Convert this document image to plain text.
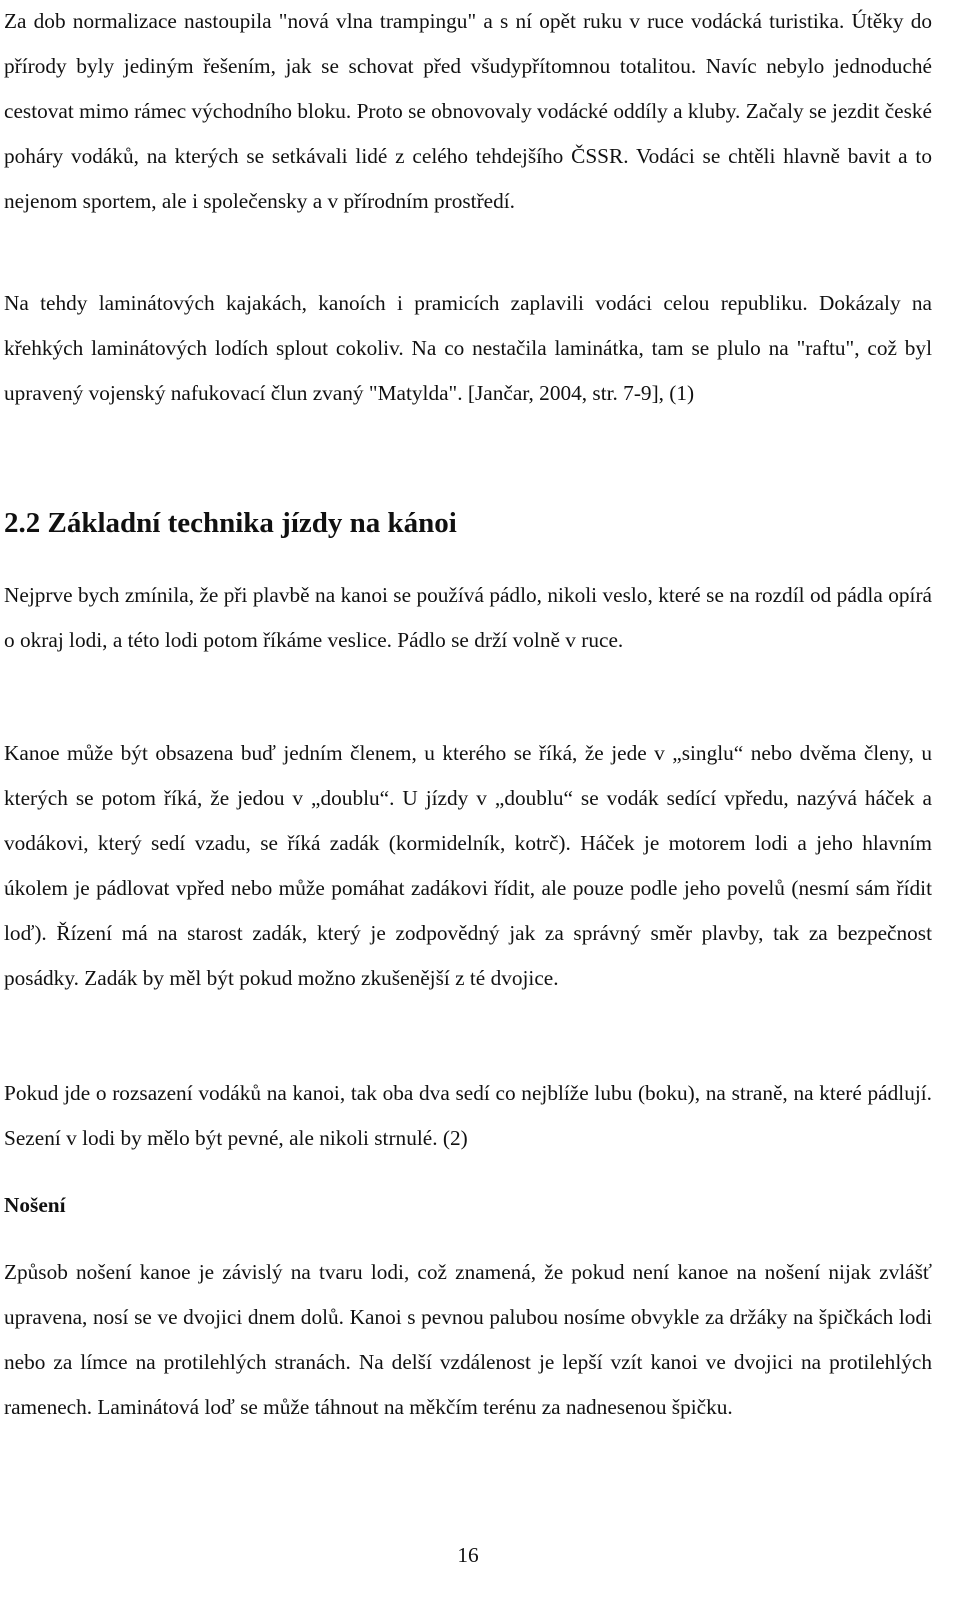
Za dob normalizace nastoupila "nová vlna trampingu" a s ní opět ruku v ruce vodácká turistika. Útěky do přírody byly jediným řešením, jak se schovat před všudypřítomnou totalitou. Navíc nebylo jednoduché cestovat mimo rámec východního bloku. Proto se obnovovaly vodácké oddíly a kluby. Začaly se jezdit české poháry vodáků, na kterých se setkávali lidé z celého tehdejšího ČSSR. Vodáci se chtěli hlavně bavit a to nejenom sportem, ale i společensky a v přírodním prostředí.

Na tehdy laminátových kajakách, kanoích i pramicích zaplavili vodáci celou republiku. Dokázaly na křehkých laminátových lodích splout cokoliv. Na co nestačila laminátka, tam se plulo na "raftu", což byl upravený vojenský nafukovací člun zvaný "Matylda". [Jančar, 2004, str. 7-9], (1)

2.2 Základní technika jízdy na kánoi

Nejprve bych zmínila, že při plavbě na kanoi se používá pádlo, nikoli veslo, které se na rozdíl od pádla opírá o okraj lodi, a této lodi potom říkáme veslice. Pádlo se drží volně v ruce.

Kanoe může být obsazena buď jedním členem, u kterého se říká, že jede v „singlu“ nebo dvěma členy, u kterých se potom říká, že jedou v „doublu“. U jízdy v „doublu“ se vodák sedící vpředu, nazývá háček a vodákovi, který sedí vzadu, se říká zadák (kormidelník, kotrč). Háček je motorem lodi a jeho hlavním úkolem je pádlovat vpřed nebo může pomáhat zadákovi řídit, ale pouze podle jeho povelů (nesmí sám řídit loď). Řízení má na starost zadák, který je zodpovědný jak za správný směr plavby, tak za bezpečnost posádky. Zadák by měl být pokud možno zkušenější z té dvojice.

Pokud jde o rozsazení vodáků na kanoi, tak oba dva sedí co nejblíže lubu (boku), na straně, na které pádlují. Sezení v lodi by mělo být pevné, ale nikoli strnulé. (2)

Nošení

Způsob nošení kanoe je závislý na tvaru lodi, což znamená, že pokud není kanoe na nošení nijak zvlášť upravena, nosí se ve dvojici dnem dolů. Kanoi s pevnou palubou nosíme obvykle za držáky na špičkách lodi nebo za límce na protilehlých stranách. Na delší vzdálenost je lepší vzít kanoi ve dvojici na protilehlých ramenech. Laminátová loď se může táhnout na měkčím terénu za nadnesenou špičku.

16
